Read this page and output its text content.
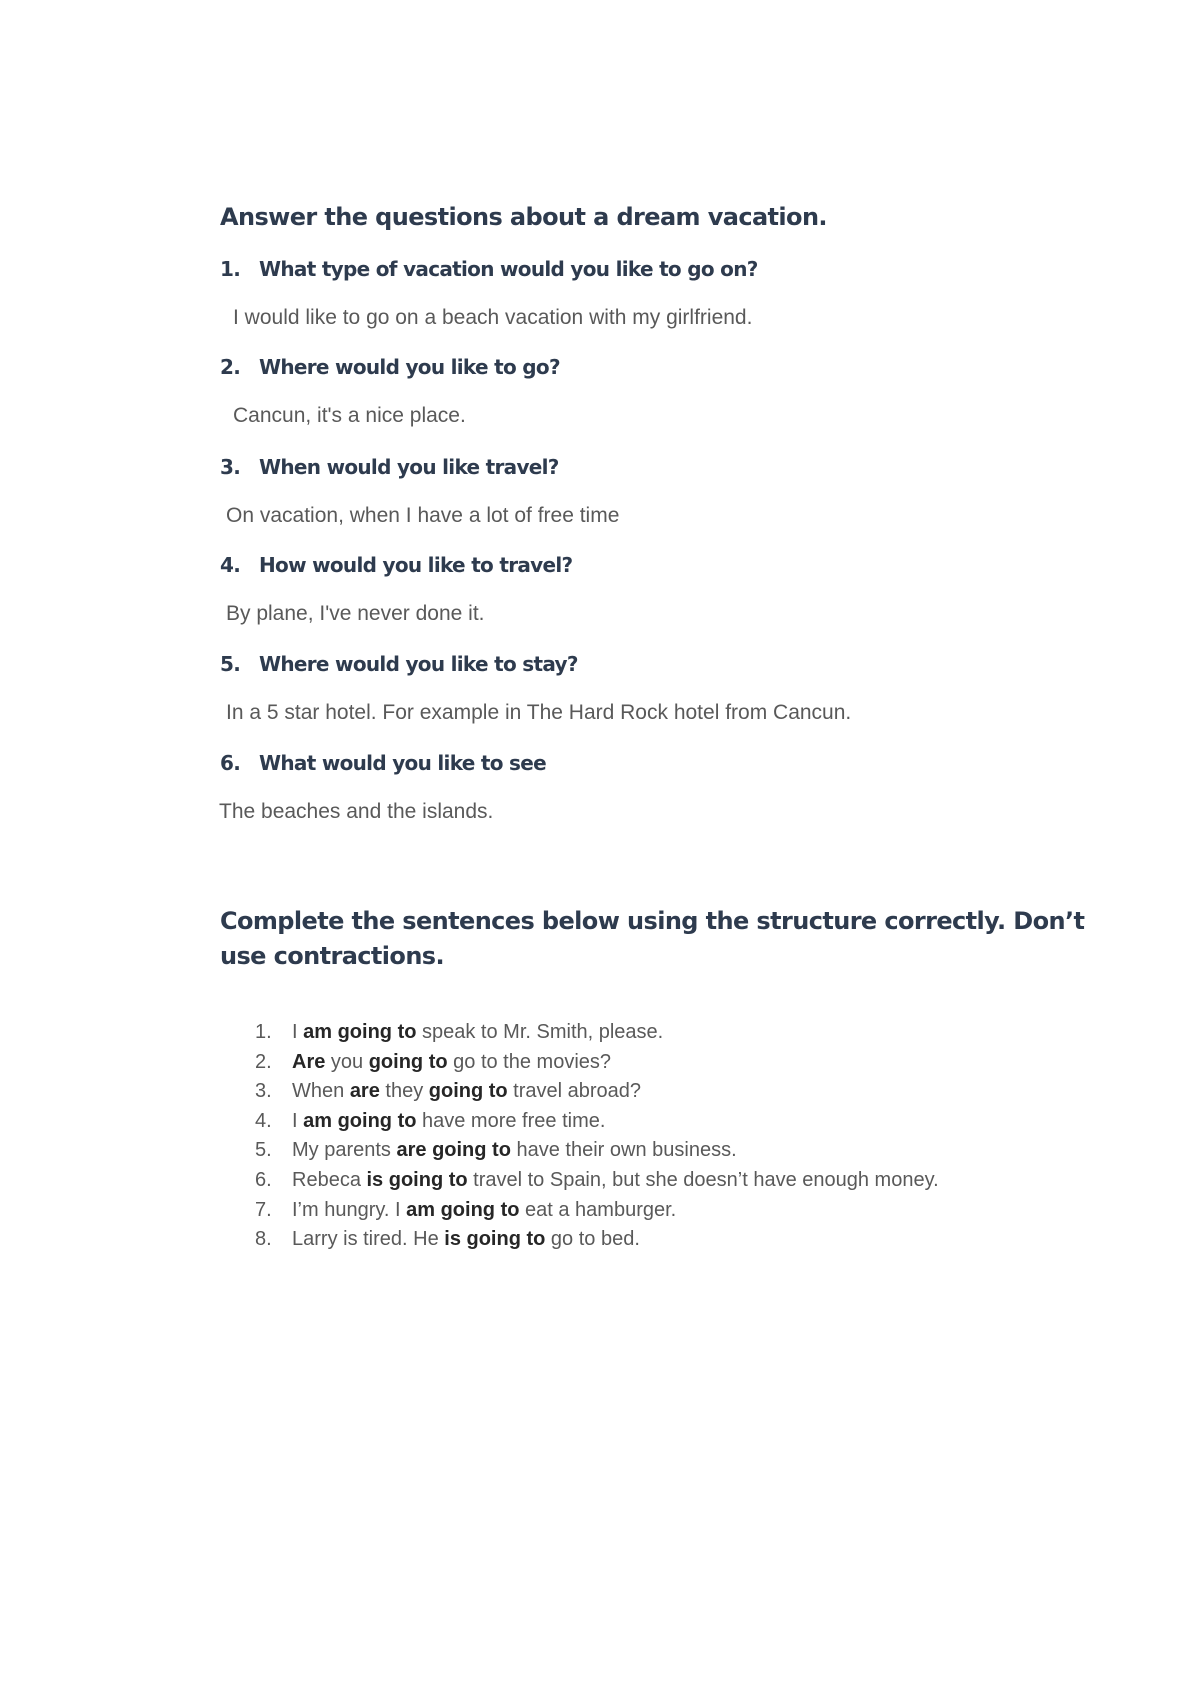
Answer the questions about a dream vacation.

1. What type of vacation would you like to go on?

I would like to go on a beach vacation with my girlfriend.

2. Where would you like to go?

Cancun, it's a nice place.

3. When would you like travel?

On vacation, when I have a lot of free time

4. How would you like to travel?

By plane, I've never done it.

5. Where would you like to stay?

In a 5 star hotel. For example in The Hard Rock hotel from Cancun.

6. What would you like to see

The beaches and the islands.

Complete the sentences below using the structure correctly. Don’t
use contractions.
1. I am going to speak to Mr. Smith, please.
2. Are you going to go to the movies?
3. When are they going to travel abroad?
4. I am going to have more free time.
5. My parents are going to have their own business.
6. Rebeca is going to travel to Spain, but she doesn’t have enough money.
7. I’m hungry. I am going to eat a hamburger.
8. Larry is tired. He is going to go to bed.
